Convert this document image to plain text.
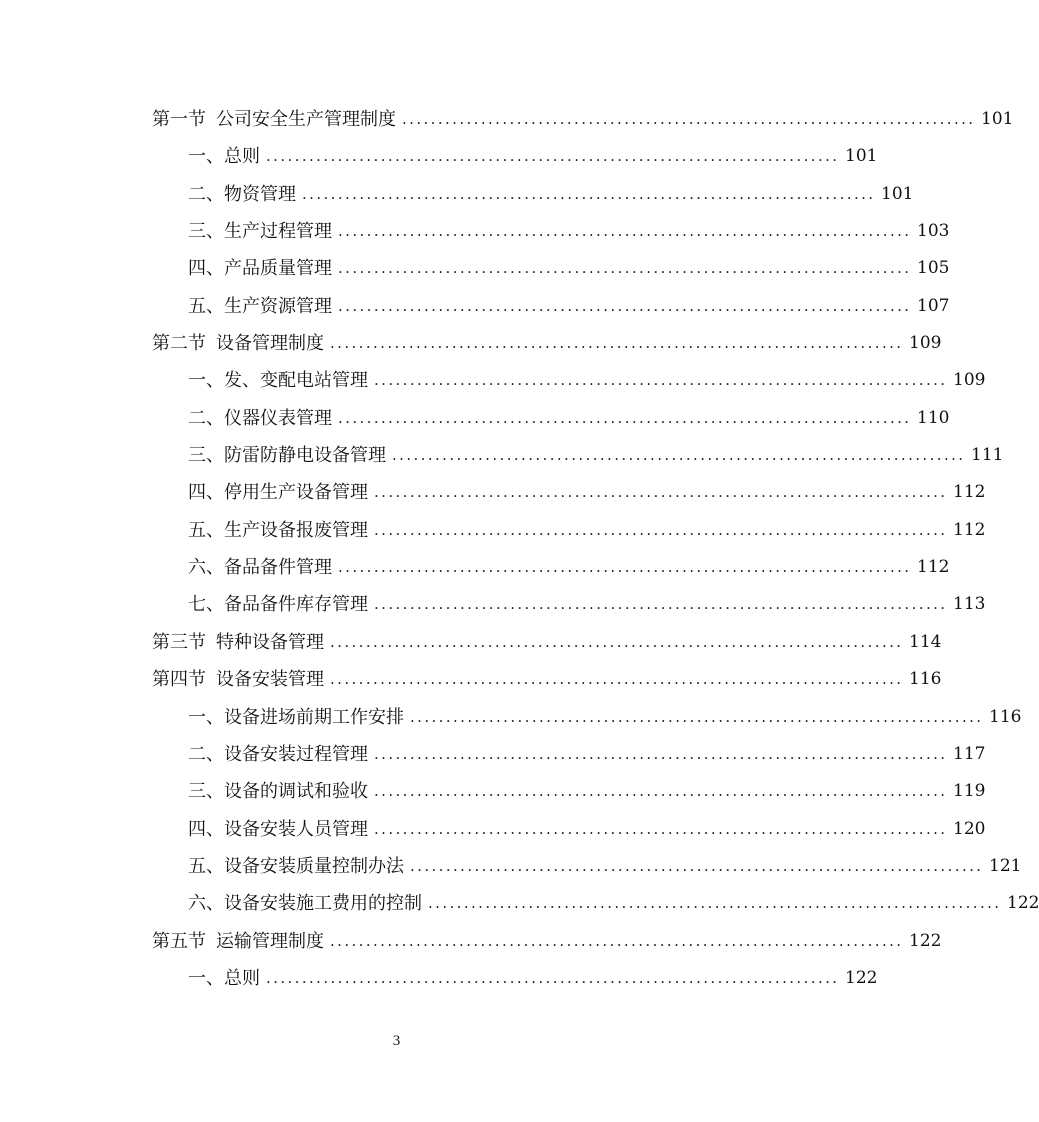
第一节 公司安全生产管理制度 ................................................................................ 101
一、总则 ................................................................................ 101
二、物资管理 ................................................................................ 101
三、生产过程管理 ................................................................................ 103
四、产品质量管理 ................................................................................ 105
五、生产资源管理 ................................................................................ 107
第二节 设备管理制度 ................................................................................ 109
一、发、变配电站管理 ................................................................................ 109
二、仪器仪表管理 ................................................................................ 110
三、防雷防静电设备管理 ................................................................................ 111
四、停用生产设备管理 ................................................................................ 112
五、生产设备报废管理 ................................................................................ 112
六、备品备件管理 ................................................................................ 112
七、备品备件库存管理 ................................................................................ 113
第三节 特种设备管理 ................................................................................ 114
第四节 设备安装管理 ................................................................................ 116
一、设备进场前期工作安排 ................................................................................ 116
二、设备安装过程管理 ................................................................................ 117
三、设备的调试和验收 ................................................................................ 119
四、设备安装人员管理 ................................................................................ 120
五、设备安装质量控制办法 ................................................................................ 121
六、设备安装施工费用的控制 ................................................................................ 122
第五节 运输管理制度 ................................................................................ 122
一、总则 ................................................................................ 122
3
